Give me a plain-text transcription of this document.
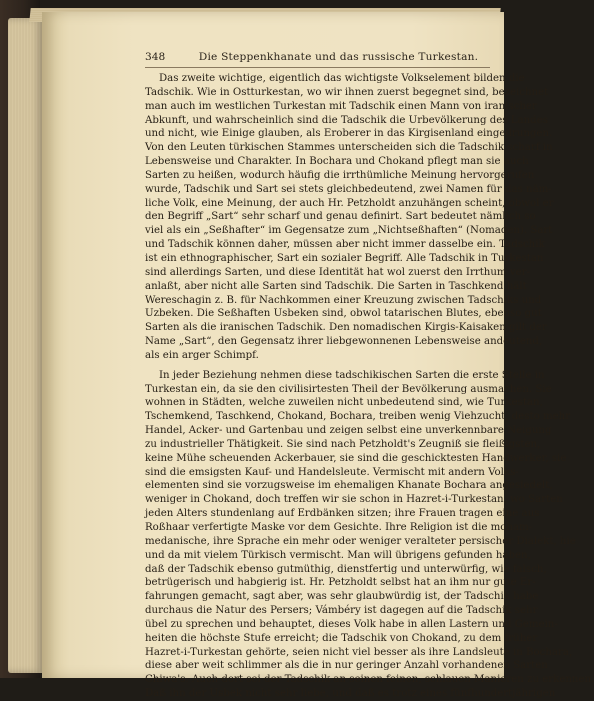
348	Die Steppenkhanate und das russische Turkestan.
Das zweite wichtige, eigentlich das wichtigste Volkselement bilden die
Tadschik. Wie in Ostturkestan, wo wir ihnen zuerst begegnet sind, bezeichnet
man auch im westlichen Turkestan mit Tadschik einen Mann von iranischer
Abkunft, und wahrscheinlich sind die Tadschik die Urbevölkerung des Landes
und nicht, wie Einige glauben, als Eroberer in das Kirgisenland eingedrungen.
Von den Leuten türkischen Stammes unterscheiden sich die Tadschik scharf in
Lebensweise und Charakter. In Bochara und Chokand pflegt man sie auch
Sarten zu heißen, wodurch häufig die irrthümliche Meinung hervorgerufen
wurde, Tadschik und Sart sei stets gleichbedeutend, zwei Namen für das näm-
liche Volk, eine Meinung, der auch Hr. Petzholdt anzuhängen scheint, obwol er
den Begriff „Sart“ sehr scharf und genau definirt. Sart bedeutet nämlich so
viel als ein „Seßhafter“ im Gegensatze zum „Nichtseßhaften“ (Nomaden). Sart
und Tadschik können daher, müssen aber nicht immer dasselbe ein. Tadschik
ist ein ethnographischer, Sart ein sozialer Begriff. Alle Tadschik in Turkestan
sind allerdings Sarten, und diese Identität hat wol zuerst den Irrthum ver-
anlaßt, aber nicht alle Sarten sind Tadschik. Die Sarten in Taschkend hält
Wereschagin z. B. für Nachkommen einer Kreuzung zwischen Tadschiks und
Uzbeken. Die Seßhaften Usbeken sind, obwol tatarischen Blutes, ebenso gut
Sarten als die iranischen Tadschik. Den nomadischen Kirgis-Kaisaken gilt der
Name „Sart“, den Gegensatz ihrer liebgewonnenen Lebensweise andeutend,
als ein arger Schimpf.
In jeder Beziehung nehmen diese tadschikischen Sarten die erste Stelle in
Turkestan ein, da sie den civilisirtesten Theil der Bevölkerung ausmachen. Sie
wohnen in Städten, welche zuweilen nicht unbedeutend sind, wie Turkestan,
Tschemkend, Taschkend, Chokand, Bochara, treiben wenig Viehzucht, desto mehr
Handel, Acker- und Gartenbau und zeigen selbst eine unverkennbare Neigung
zu industrieller Thätigkeit. Sie sind nach Petzholdt's Zeugniß sie fleißigsten,
keine Mühe scheuenden Ackerbauer, sie sind die geschicktesten Handwerker, sie
sind die emsigsten Kauf- und Handelsleute. Vermischt mit andern Volks-
elementen sind sie vorzugsweise im ehemaligen Khanate Bochara angesiedelt,
weniger in Chokand, doch treffen wir sie schon in Hazret-i-Turkestan, wo Sarten
jeden Alters stundenlang auf Erdbänken sitzen; ihre Frauen tragen eine aus
Roßhaar verfertigte Maske vor dem Gesichte. Ihre Religion ist die moham-
medanische, ihre Sprache ein mehr oder weniger veralteter persischer Dialekt, hie
und da mit vielem Türkisch vermischt. Man will übrigens gefunden haben,
daß der Tadschik ebenso gutmüthig, dienstfertig und unterwürfig, wie falsch,
betrügerisch und habgierig ist. Hr. Petzholdt selbst hat an ihm nur gute Er-
fahrungen gemacht, sagt aber, was sehr glaubwürdig ist, der Tadschik habe
durchaus die Natur des Persers; Vámbéry ist dagegen auf die Tadschik sehr
übel zu sprechen und behauptet, dieses Volk habe in allen Lastern und Gemein-
heiten die höchste Stufe erreicht; die Tadschik von Chokand, zu dem früher
Hazret-i-Turkestan gehörte, seien nicht viel besser als ihre Landsleute in Bochara,
diese aber weit schlimmer als die in nur geringer Anzahl vorhandenen Sarten
Chiwa's. Auch dort sei der Tadschik an seinen feinen, schlauen Manieren zu erkennen.
Daß ihn der Usbek nicht sehr liebe, und daß es trotz eines fünfhundertjährigen
